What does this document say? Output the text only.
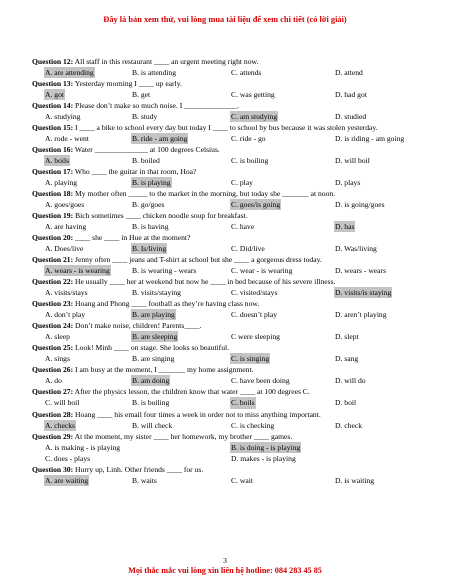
Đây là bản xem thử, vui lòng mua tài liệu để xem chi tiết (có lời giải)
Question 12: All staff in this restaurant ____ an urgent meeting right now.
A. are attending	B. is attending	C. attends	D. attend
Question 13: Yesterday morning I ____ up early.
A. got	B. get	C. was getting	D. had got
Question 14: Please don’t make so much noise. I ______________.
A. studying	B. study	C. am studying	D. studied
Question 15: I ____ a bike to school every day but today I ____ to school by bus because it was stolen yesterday.
A. rode - went	B. ride - am going	C. ride - go	D. is riding - am going
Question 16: Water ______________ at 100 degrees Celsius.
A. boils	B. boiled	C. is boiling	D. will boil
Question 17: Who ____ the guitar in that room, Hoa?
A. playing	B. is playing	C. play	D. plays
Question 18: My mother often _____ to the market in the morning, but today she _______ at noon.
A. goes/goes	B. go/goes	C. goes/is going	D. is going/goes
Question 19: Bich sometimes ____ chicken noodle soup for breakfast.
A. are having	B. is having	C. have	D. has
Question 20: ____ she ____ in Hue at the moment?
A. Does/live	B. Is/living	C. Did/live	D. Was/living
Question 21: Jenny often ____ jeans and T-shirt at school but she ____ a gorgeous dress today.
A. wears - is wearing	B. is wearing - wears	C. wear - is wearing	D. wears - wears
Question 22: He usually ____ her at weekend but now he ____ in bed because of his severe illness.
A. visits/stays	B. visits/staying	C. visited/stays	D. visits/is staying
Question 23: Hoang and Phong ____ football as they’re having class now.
A. don’t play	B. are playing	C. doesn’t play	D. aren’t playing
Question 24: Don’t make noise, children! Parents____.
A. sleep	B. are sleeping	C were sleeping	D. slept
Question 25: Look! Minh ____ on stage. She looks so beautiful.
A. sings	B. are singing	C. is singing	D. sang
Question 26: I am busy at the moment, I _______ my home assignment.
A. do	B. am doing	C. have been doing	D. will do
Question 27: After the physics lesson, the children know that water ____ at 100 degrees C.
C. will boil	B. is boiling	C. boils	D. boil
Question 28: Hoang ____ his email four times a week in order not to miss anything important.
A. checks	B. will check	C. is checking	D. check
Question 29: At the moment, my sister ____ her homework, my brother ____ games.
A. is making - is playing	B. is doing - is playing
C. does - plays	D. makes - is playing
Question 30: Hurry up, Linh. Other friends ____ for us.
A. are waiting	B. waits	C. wait	D. is waiting
3
Mọi thắc mắc vui lòng xin liên hệ hotline: 084 283 45 85
